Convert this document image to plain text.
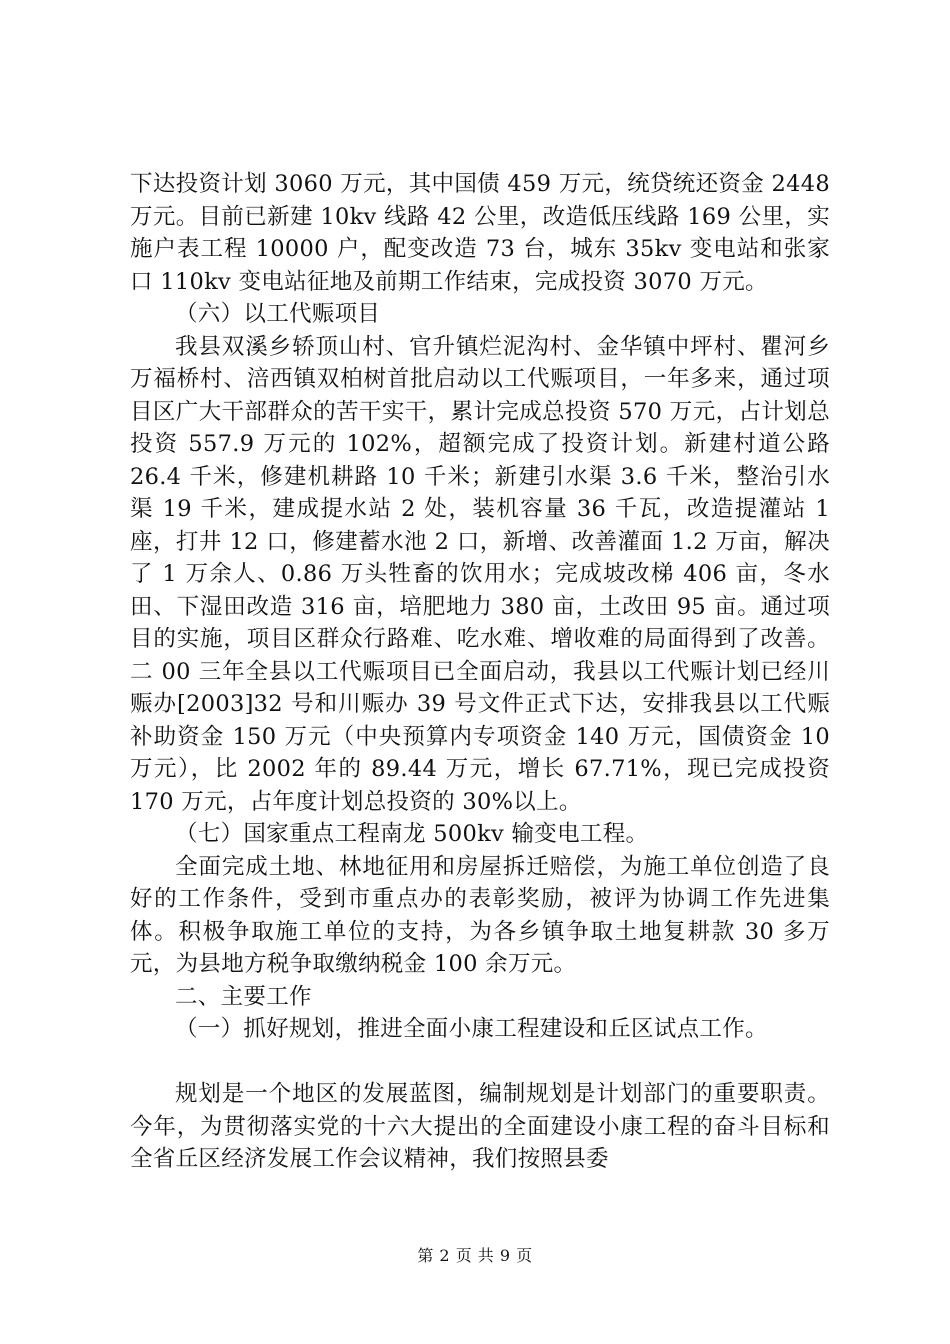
下达投资计划 3060 万元，其中国债 459 万元，统贷统还资金 2448 万元。目前已新建 10kv 线路 42 公里，改造低压线路 169 公里，实施户表工程 10000 户，配变改造 73 台，城东 35kv 变电站和张家口 110kv 变电站征地及前期工作结束，完成投资 3070 万元。

（六）以工代赈项目

我县双溪乡轿顶山村、官升镇烂泥沟村、金华镇中坪村、瞿河乡万福桥村、涪西镇双柏树首批启动以工代赈项目，一年多来，通过项目区广大干部群众的苦干实干，累计完成总投资 570 万元，占计划总投资 557.9 万元的 102%，超额完成了投资计划。新建村道公路 26.4 千米，修建机耕路 10 千米；新建引水渠 3.6 千米，整治引水渠 19 千米，建成提水站 2 处，装机容量 36 千瓦，改造提灌站 1 座，打井 12 口，修建蓄水池 2 口，新增、改善灌面 1.2 万亩，解决了 1 万余人、0.86 万头牲畜的饮用水；完成坡改梯 406 亩，冬水田、下湿田改造 316 亩，培肥地力 380 亩，土改田 95 亩。通过项目的实施，项目区群众行路难、吃水难、增收难的局面得到了改善。二 00 三年全县以工代赈项目已全面启动，我县以工代赈计划已经川赈办[2003]32 号和川赈办 39 号文件正式下达，安排我县以工代赈补助资金 150 万元（中央预算内专项资金 140 万元，国债资金 10 万元），比 2002 年的 89.44 万元，增长 67.71%，现已完成投资 170 万元，占年度计划总投资的 30%以上。

（七）国家重点工程南龙 500kv 输变电工程。

全面完成土地、林地征用和房屋拆迁赔偿，为施工单位创造了良好的工作条件，受到市重点办的表彰奖励，被评为协调工作先进集体。积极争取施工单位的支持，为各乡镇争取土地复耕款 30 多万元，为县地方税争取缴纳税金 100 余万元。

二、主要工作

（一）抓好规划，推进全面小康工程建设和丘区试点工作。

规划是一个地区的发展蓝图，编制规划是计划部门的重要职责。今年，为贯彻落实党的十六大提出的全面建设小康工程的奋斗目标和全省丘区经济发展工作会议精神，我们按照县委

第 2 页 共 9 页
